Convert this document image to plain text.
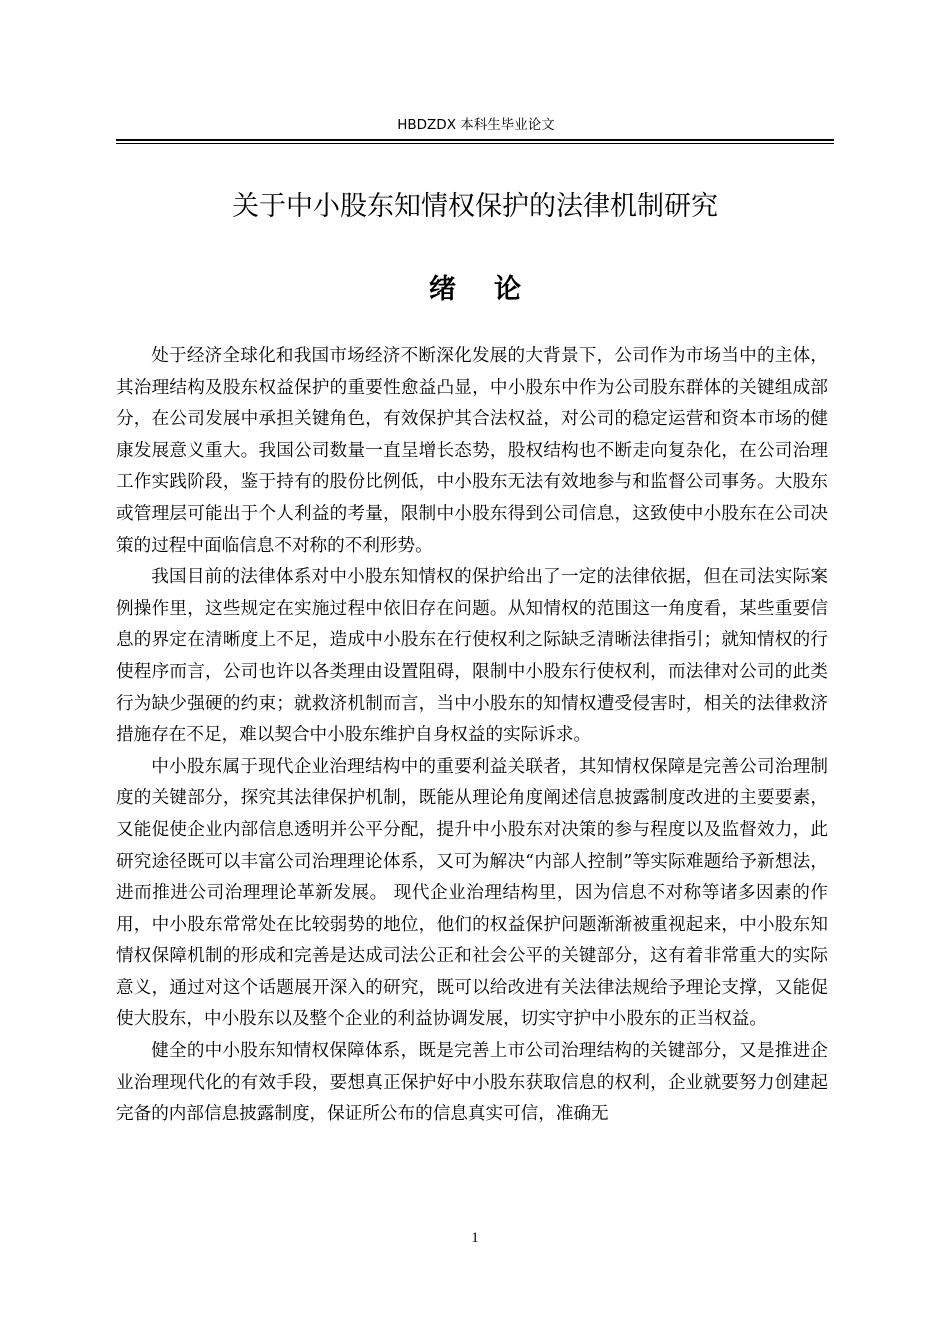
HBDZDX 本科生毕业论文
关于中小股东知情权保护的法律机制研究
绪论

处于经济全球化和我国市场经济不断深化发展的大背景下，公司作为市场当中的主体，其治理结构及股东权益保护的重要性愈益凸显，中小股东中作为公司股东群体的关键组成部分，在公司发展中承担关键角色，有效保护其合法权益，对公司的稳定运营和资本市场的健康发展意义重大。我国公司数量一直呈增长态势，股权结构也不断走向复杂化，在公司治理工作实践阶段，鉴于持有的股份比例低，中小股东无法有效地参与和监督公司事务。大股东或管理层可能出于个人利益的考量，限制中小股东得到公司信息，这致使中小股东在公司决策的过程中面临信息不对称的不利形势。

我国目前的法律体系对中小股东知情权的保护给出了一定的法律依据，但在司法实际案例操作里，这些规定在实施过程中依旧存在问题。从知情权的范围这一角度看，某些重要信息的界定在清晰度上不足，造成中小股东在行使权利之际缺乏清晰法律指引；就知情权的行使程序而言，公司也许以各类理由设置阻碍，限制中小股东行使权利，而法律对公司的此类行为缺少强硬的约束；就救济机制而言，当中小股东的知情权遭受侵害时，相关的法律救济措施存在不足，难以契合中小股东维护自身权益的实际诉求。

中小股东属于现代企业治理结构中的重要利益关联者，其知情权保障是完善公司治理制度的关键部分，探究其法律保护机制，既能从理论角度阐述信息披露制度改进的主要要素，又能促使企业内部信息透明并公平分配，提升中小股东对决策的参与程度以及监督效力，此研究途径既可以丰富公司治理理论体系，又可为解决“内部人控制”等实际难题给予新想法，进而推进公司治理理论革新发展。 现代企业治理结构里，因为信息不对称等诸多因素的作用，中小股东常常处在比较弱势的地位，他们的权益保护问题渐渐被重视起来，中小股东知情权保障机制的形成和完善是达成司法公正和社会公平的关键部分，这有着非常重大的实际意义，通过对这个话题展开深入的研究，既可以给改进有关法律法规给予理论支撑，又能促使大股东，中小股东以及整个企业的利益协调发展，切实守护中小股东的正当权益。

健全的中小股东知情权保障体系，既是完善上市公司治理结构的关键部分，又是推进企业治理现代化的有效手段，要想真正保护好中小股东获取信息的权利，企业就要努力创建起完备的内部信息披露制度，保证所公布的信息真实可信，准确无

1
